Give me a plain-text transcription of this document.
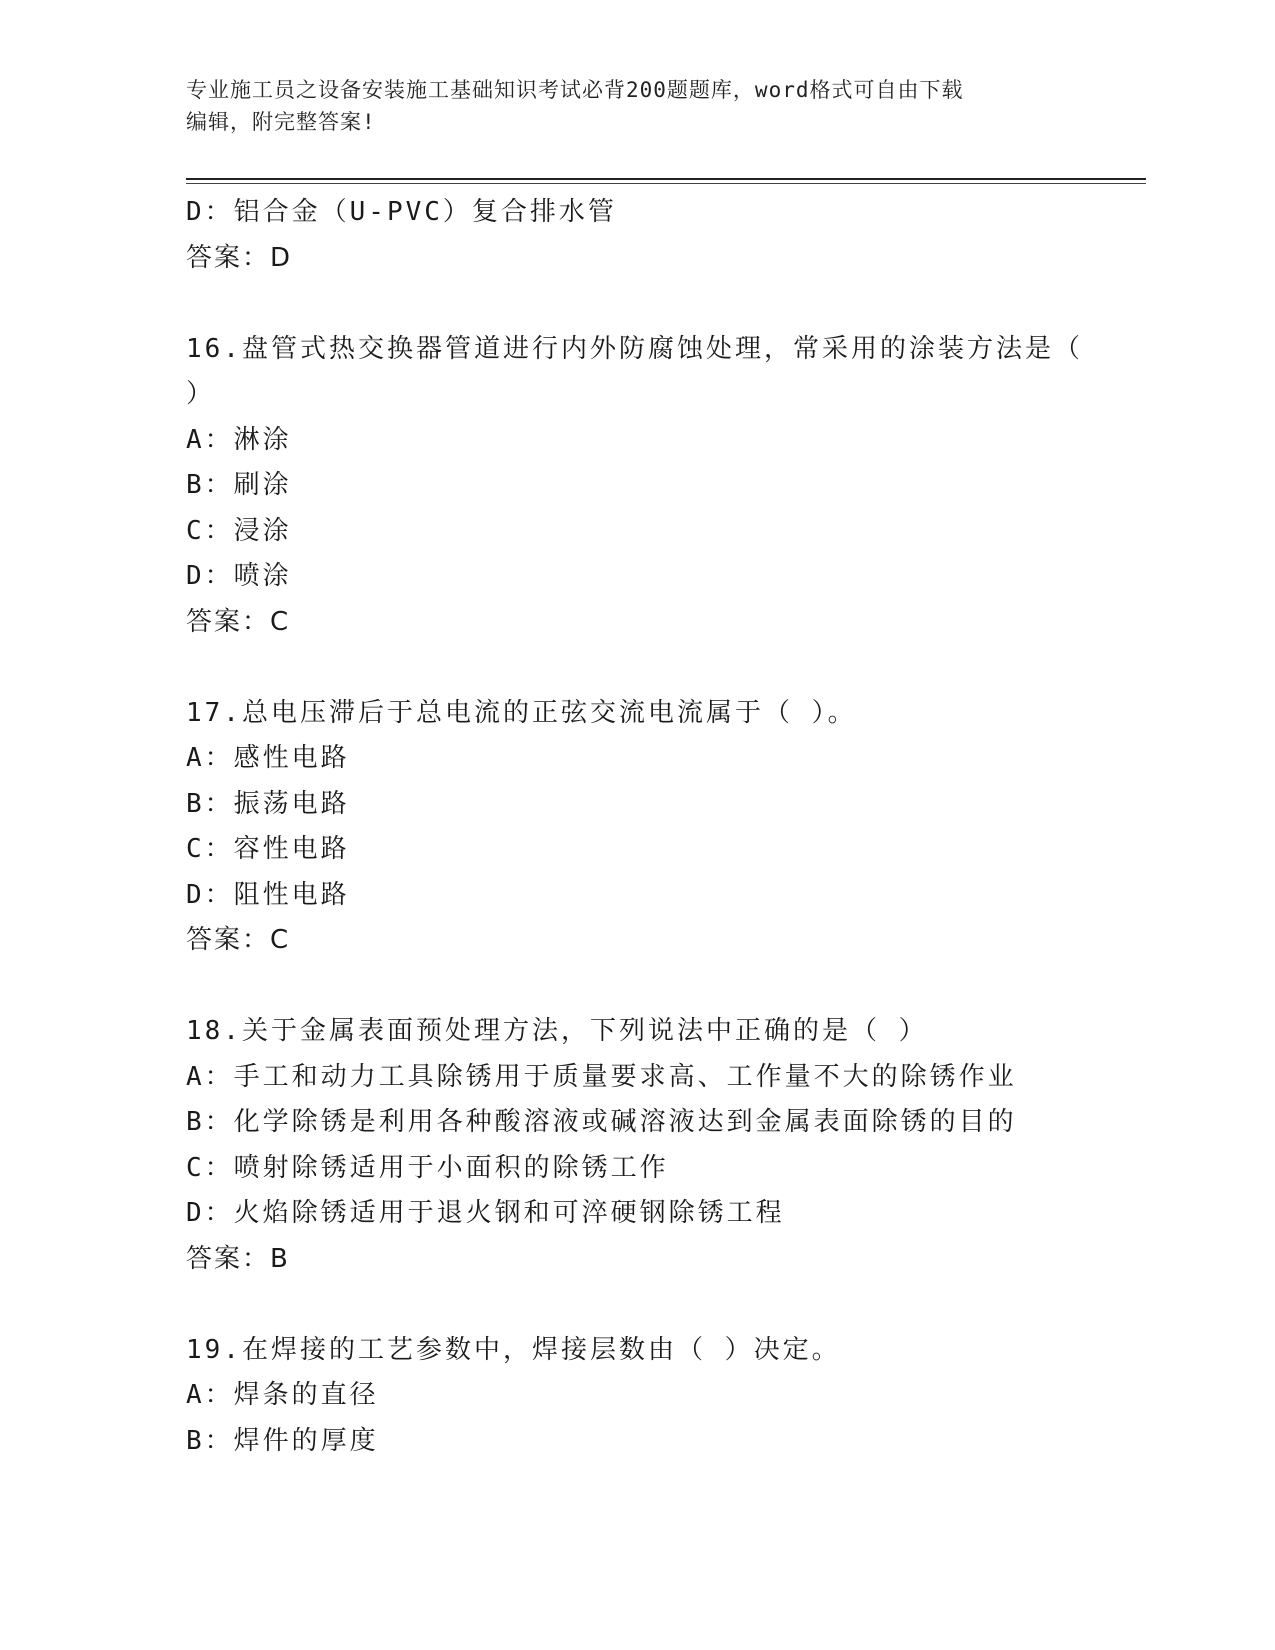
专业施工员之设备安装施工基础知识考试必背200题题库，word格式可自由下载
编辑，附完整答案!
D：铝合金（U-PVC）复合排水管
答案：D
16.盘管式热交换器管道进行内外防腐蚀处理，常采用的涂装方法是（
）
A：淋涂
B：刷涂
C：浸涂
D：喷涂
答案：C
17.总电压滞后于总电流的正弦交流电流属于（ ）。
A：感性电路
B：振荡电路
C：容性电路
D：阻性电路
答案：C
18.关于金属表面预处理方法，下列说法中正确的是（ ）
A：手工和动力工具除锈用于质量要求高、工作量不大的除锈作业
B：化学除锈是利用各种酸溶液或碱溶液达到金属表面除锈的目的
C：喷射除锈适用于小面积的除锈工作
D：火焰除锈适用于退火钢和可淬硬钢除锈工程
答案：B
19.在焊接的工艺参数中，焊接层数由（ ）决定。
A：焊条的直径
B：焊件的厚度
